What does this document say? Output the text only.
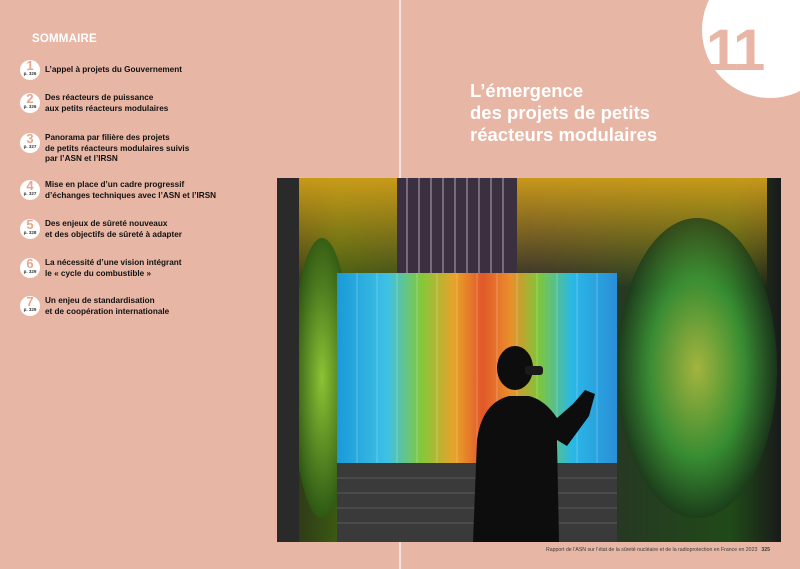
SOMMAIRE
1
p. 326	L’appel à projets du Gouvernement
2
p. 326
Des réacteurs de puissance
aux petits réacteurs modulaires
3
p. 327
Panorama par filière des projets
de petits réacteurs modulaires suivis
par l’ASN et l’IRSN
4
p. 327
Mise en place d’un cadre progressif
d’échanges techniques avec l’ASN et l’IRSN
5
p. 328
Des enjeux de sûreté nouveaux
et des objectifs de sûreté à adapter
6
p. 329
La nécessité d’une vision intégrant
le « cycle du combustible »
7
p. 329
Un enjeu de standardisation
et de coopération internationale
11
L’émergence
des projets de petits
réacteurs modulaires
Rapport de l’ASN sur l’état de la sûreté nucléaire et de la radioprotection en France en 2023 325
